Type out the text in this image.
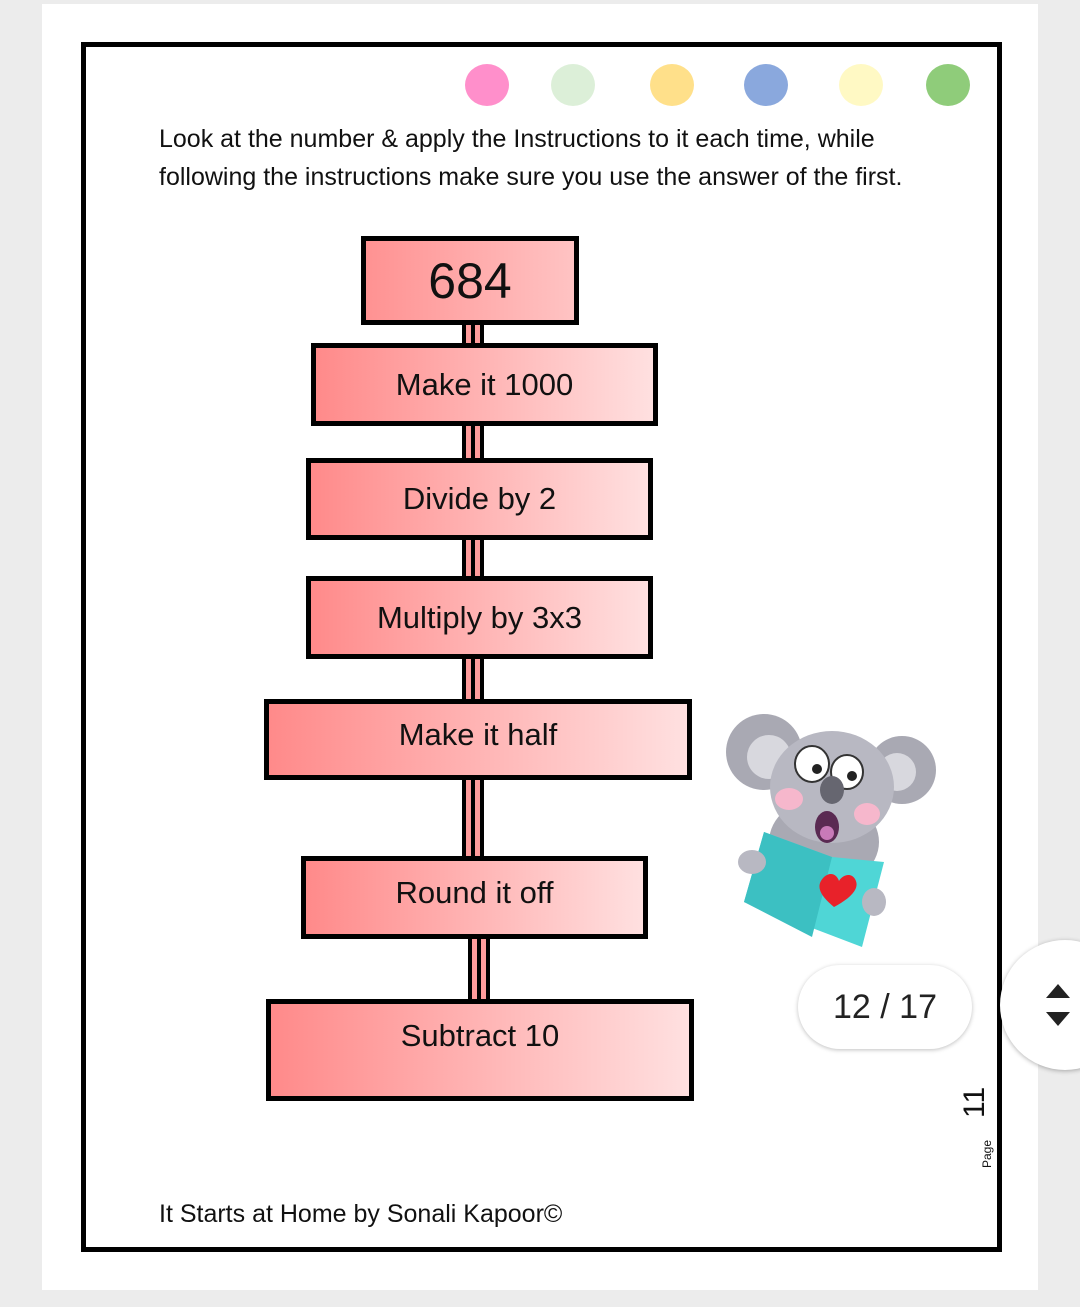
Look at the number & apply the Instructions to it each time, while following the instructions make sure you use the answer of the first.
684
Make it 1000
Divide by 2
Multiply by 3x3
Make it half
Round it off
Subtract 10
It Starts at Home by Sonali Kapoor©
11
Page
12 / 17
